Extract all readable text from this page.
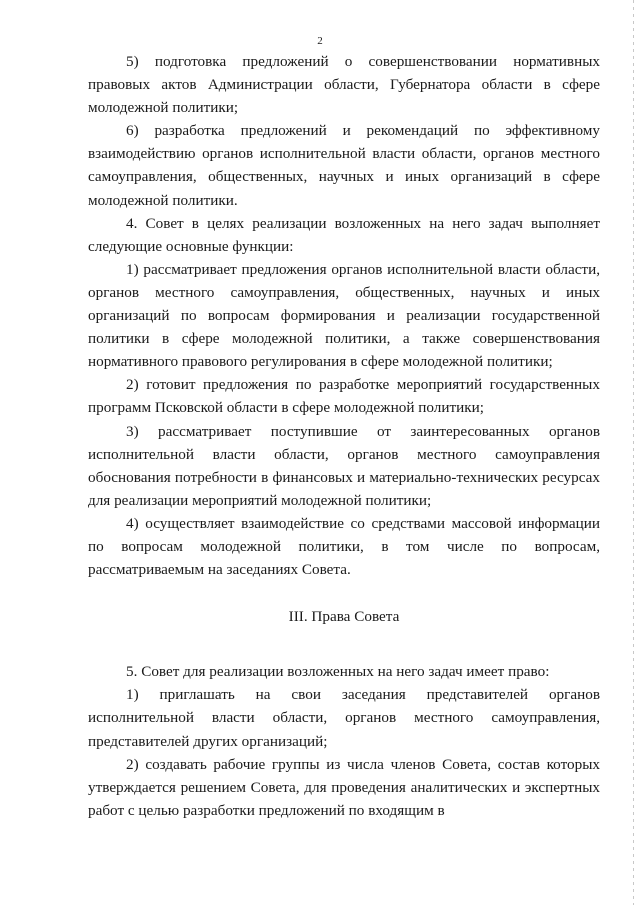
2

5) подготовка предложений о совершенствовании нормативных правовых актов Администрации области, Губернатора области в сфере молодежной политики;

6) разработка предложений и рекомендаций по эффективному взаимодействию органов исполнительной власти области, органов местного самоуправления, общественных, научных и иных организаций в сфере молодежной политики.

4. Совет в целях реализации возложенных на него задач выполняет следующие основные функции:

1) рассматривает предложения органов исполнительной власти области, органов местного самоуправления, общественных, научных и иных организаций по вопросам формирования и реализации государственной политики в сфере молодежной политики, а также совершенствования нормативного правового регулирования в сфере молодежной политики;

2) готовит предложения по разработке мероприятий государственных программ Псковской области в сфере молодежной политики;

3) рассматривает поступившие от заинтересованных органов исполнительной власти области, органов местного самоуправления обоснования потребности в финансовых и материально-технических ресурсах для реализации мероприятий молодежной политики;

4) осуществляет взаимодействие со средствами массовой информации по вопросам молодежной политики, в том числе по вопросам, рассматриваемым на заседаниях Совета.

III. Права Совета

5. Совет для реализации возложенных на него задач имеет право:

1) приглашать на свои заседания представителей органов исполнительной власти области, органов местного самоуправления, представителей других организаций;

2) создавать рабочие группы из числа членов Совета, состав которых утверждается решением Совета, для проведения аналитических и экспертных работ с целью разработки предложений по входящим в
